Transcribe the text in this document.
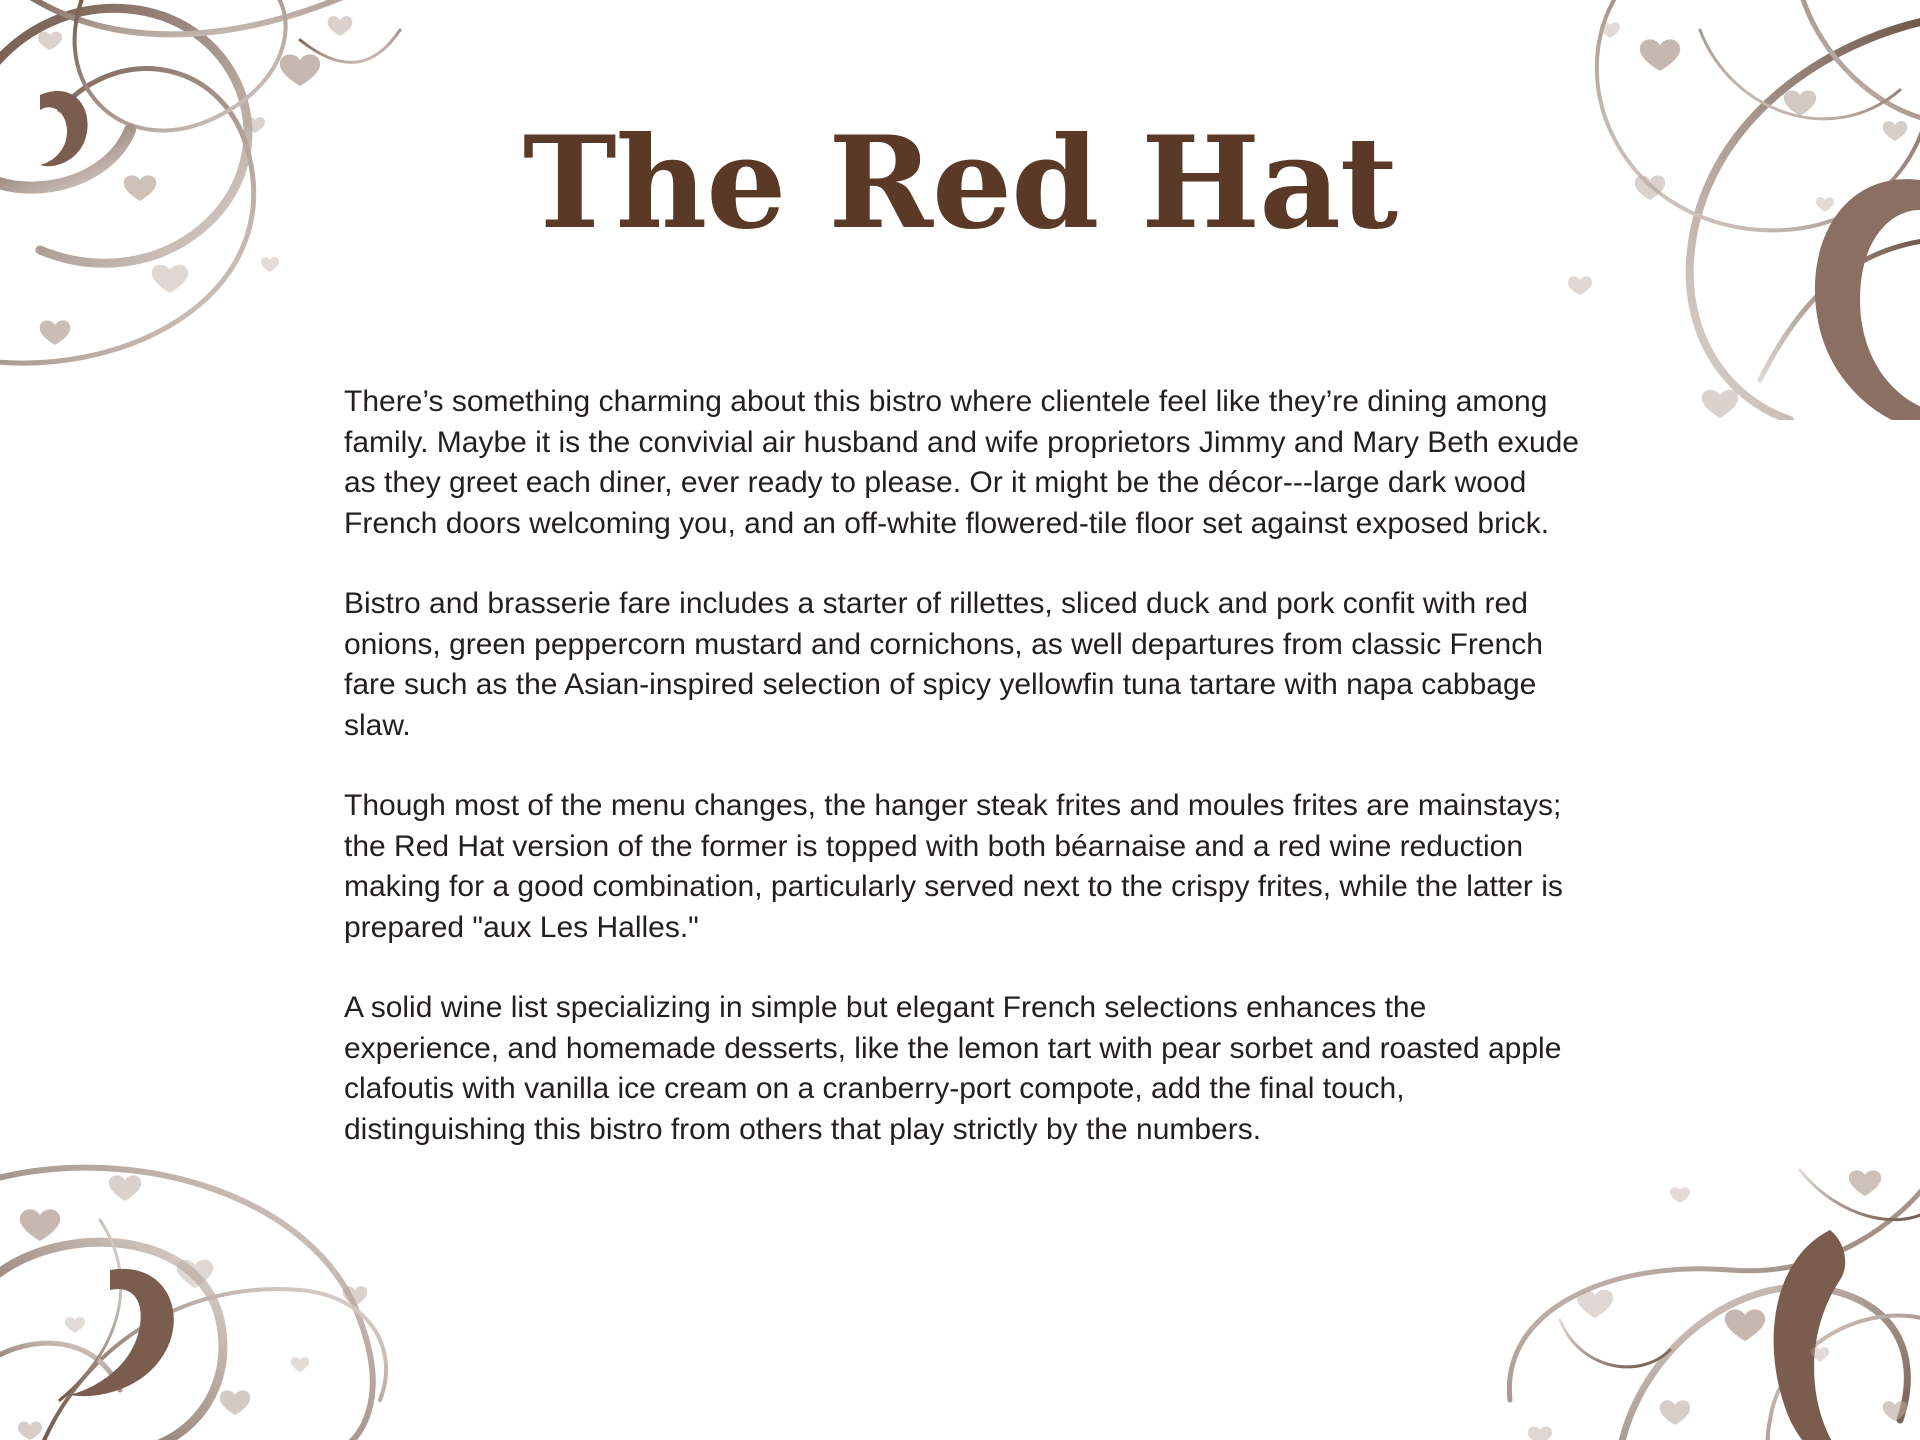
The Red Hat

There’s something charming about this bistro where clientele feel like they’re dining among family. Maybe it is the convivial air husband and wife proprietors Jimmy and Mary Beth exude as they greet each diner, ever ready to please. Or it might be the décor---large dark wood French doors welcoming you, and an off-white flowered-tile floor set against exposed brick.

Bistro and brasserie fare includes a starter of rillettes, sliced duck and pork confit with red onions, green peppercorn mustard and cornichons, as well departures from classic French fare such as the Asian-inspired selection of spicy yellowfin tuna tartare with napa cabbage slaw.

Though most of the menu changes, the hanger steak frites and moules frites are mainstays; the Red Hat version of the former is topped with both béarnaise and a red wine reduction making for a good combination, particularly served next to the crispy frites, while the latter is prepared "aux Les Halles."

A solid wine list specializing in simple but elegant French selections enhances the experience, and homemade desserts, like the lemon tart with pear sorbet and roasted apple clafoutis with vanilla ice cream on a cranberry-port compote, add the final touch, distinguishing this bistro from others that play strictly by the numbers.
